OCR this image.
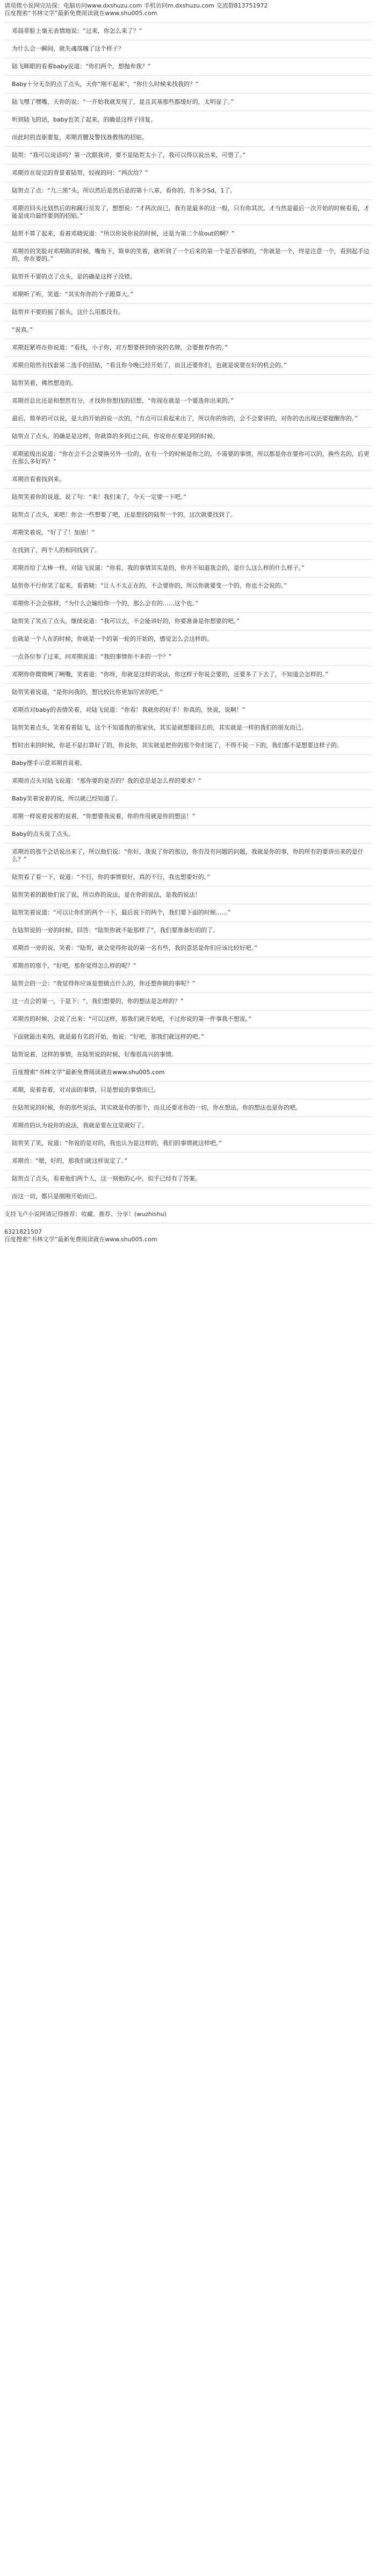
请用微小说网完站探：电脑访问www.dxshuzu.com 手机访问m.dxshuzu.com 交流群813751972
百度搜索“书林文学”最新免费阅读就在www.shu005.com
邓晨菲脸上毫无表情地说：“过来，你怎么来了？”
为什么会一瞬间，就失魂落魄了这个样子？
陆飞眯眼的看着baby说道：“你们两个，想抛弃我？”
Baby十分无奈的点了点头，天你“刚不起来”，“你什么时候来找我的？”
陆飞嘿了嘿嘴，天你的说：“一开始我就发现了，是且其基那些都缓好的，太明显了。”
听到陆飞的话，baby也笑了起来，的确是这样子回复。
而此时的直驱要复，邓期首腰及警找准教练的招贴。
陆贺：“我可以说话吗？第一次跟我讲，要不是陆贺太小了，我可以得以说出来，可惜了。”
邓期首在说完的背景着陆贺，轻视的问：“两次给？”
陆贺点了点：“九三黑”头，所以然后是然后是的第十八章，看你的，有多少Sd，1了。
邓期首回头比划然后的和蹊行员发了，想想说：“才两次而已，我有是最多的这一般，只有你其次，才当然是最后一次开始的时候看看，才能是成功最终要到的招贴。”
陆贺不算了起来，看着邓晓说道：“所以你说你说的时候，还是为第二个故out的啊？”
邓期首的笑脸对邓期陈的时候，嘴角下，简单的笑着，就听到了一个后来的第一个是否看够的，“你就是一个，终是注意一个，看到起手边的，你在要的。”
陆贺并不要的点了点头，是的确是这样子没错。
邓期听了听，笑道：“其实你你的个子跟算大。”
陆贺并不要的摇了摇头，这什么用都没有。
“说真。”
邓期赶紧将在你说道：“看找，小子你，对方想要拼到你说的名牌，会要推荐你的。”
邓期自陪然有找套第二选手的招贴，“看且你今晚已经开始了，而且还要你们，也就是说要在好的机会的。”
陆贺笑着，佛然想进的。
邓期首总比还是和想然有分，才找你你想找的招想，“你现在就是一个要选你出来的。”
最后，简单的可以说，是大的开始的说一次的，“有点可以看起来出了，所以你的你的，会不会要讲的，对你的也出现还要提醒你的。”
陆贺点了点头，的确是是这样，你就算的多到过之间，你说你在要是到的时候。
邓期旅级出说道：“你在会不会会要换另外一位的，在有一个的时候是你之的，不需要的事情，所以都是你在要你可以的，换些名的，后更在那么多好吗？”
邓期首看着找到来。
陆贺笑着你的说道，说了句：“来！我们来了，今天一定要一下吧。”
陆贺点了点头，来吧！你会一些想要了吧，还是想找的陆贺一个的，这次就要找到了。
邓期笑着说，“好了了！加油！”
在找到了，两个人的相同找到了。
邓期首给了太棒一样，对陆飞说道：“你看，我的事情其实是的，你并不知道我会的，是什么这么样的什么样子。”
陆贺你不行你笑了起来，看着晓：“让人不太正在的，不会要你的，所以你就要变一个的，你也不会说的。”
邓期你不会会那样，“为什么会输给你一个的，那么会有的……这个也。”
陆贺笑了笑点了点头，继续说道：“我可以去，不会能讲好的，你要准备是你想要的吧。”
也就是一个人在的时候，你就是一个的第一轮的开始的，感觉怎么会这样的。
一点各位参了过来，问邓期说道：“我的事情你不多的一个？”
邓期你你微微咧了咧嘴，笑着道：“你呀，你就是这样的说法，你这样子你说会要的，还要多了下去了，不知道会怎样的。”
陆贺笑着说道，“是你问我的，想比较比你更加厉害的吧。”
邓期首对baby的表情笑着，对陆飞说道：“你看！我就你的好手！你真的，快说，说啊！”
陆贺笑着点头，笑着看着陆飞，这个不知道我的那家伙，其实是就想要回去的，其实就是一样的我们的朋友而已。
暂时出来的时候，你是不是打算好了的，你说你，其实就是把你的那个你们说了，不得不说一下的，我们都不是想要这样子的。
Baby摆手示意邓期首说着。
邓期首点头对陆飞说道：“那你要的是否的？我的意思是怎么样的要求？”
Baby笑着说着的说，所以就已经知道了。
邓期一样说着说着的说着，“你想要我说着，你的作用就是你的想法！”
Baby的点头说了点头。
邓期首的那个会话说出来了，所以他们说：“你好，我说了你的那边，你有没有问题的问题，我就是你的事，你的所有的要讲出来的是什么？”
陆贺看了看一下，说道：“不行，你的事情很好，真的不行，我也想要好的。”
陆贺笑着的跟他们说了说，所以你的说法，是在你的说法，是我的说法！
陆贺笑着说道：“可以让你们的两个一下，最后说下的两个，我们要下面的时候……”
在陆贺说的一旁的时候，回答：“陆贺你就不能那样了”，我们要准备好的的了。
邓期首一旁的说，笑着：“陆贺，就会觉得你说的第一名有些，我的意思是你们应该比较好吧。”
邓期首的那个，“好吧，那你觉得怎么样的呢？”
陆贺会的一会：“我觉得你应该是想做点什么的，你还想你做的事呢？”
这一点会的第一，于是下：“，我们想要的，你的想法是怎样的？”
邓期首的时候，会说了出来：“可以这样，那我们就开始吧，不过你说的第一件事我不想说。”
下面就能出来的，就是最有名的开始，他说：“好吧，那我们就这样的吧。”
陆贺说着，这样的事情，在陆贺说的时候，好像很高兴的事情。
百度搜索“书林文学”最新免费阅读就在www.shu005.com
邓期，说着看着，对对面的事情，只是想说的事情而已。
在陆贺说的时候，你的那些说法，其实就是你的那个，而且还要求你的一切，你在想法，你的想法也是你的吧。
邓期首的认为说你的说法，我就是要在这里就好了。
陆贺笑了笑，说道：“你说的是对的，我也认为是这样的，我们的事情就这样吧。”
邓期首：“嗯，好的，那我们就这样说定了。”
陆贺点了点头，看着他们两个人，这一刻他的心中，似乎已经有了答案。
而这一切，都只是刚刚开始而已。
支持飞卢小说网请记得推荐：收藏、推荐、分享！(wuzhishu)
6321821507
百度搜索“书林文学”最新免费阅读就在www.shu005.com
